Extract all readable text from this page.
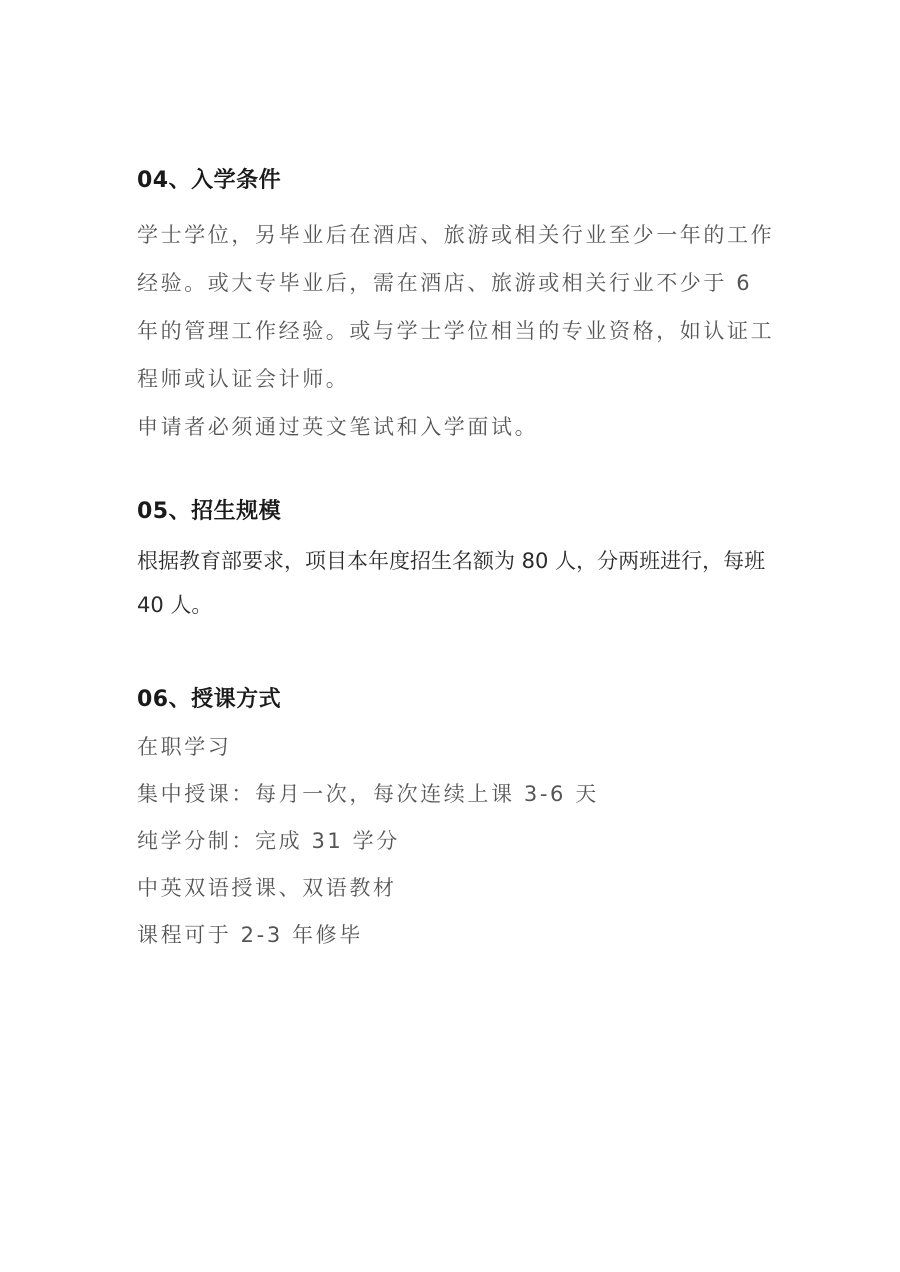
04、入学条件

学士学位，另毕业后在酒店、旅游或相关行业至少一年的工作经验。或大专毕业后，需在酒店、旅游或相关行业不少于 6 年的管理工作经验。或与学士学位相当的专业资格，如认证工程师或认证会计师。

申请者必须通过英文笔试和入学面试。

05、招生规模

根据教育部要求，项目本年度招生名额为 80 人，分两班进行，每班 40 人。

06、授课方式

在职学习

集中授课：每月一次，每次连续上课 3-6 天

纯学分制：完成 31 学分

中英双语授课、双语教材

课程可于 2-3 年修毕
